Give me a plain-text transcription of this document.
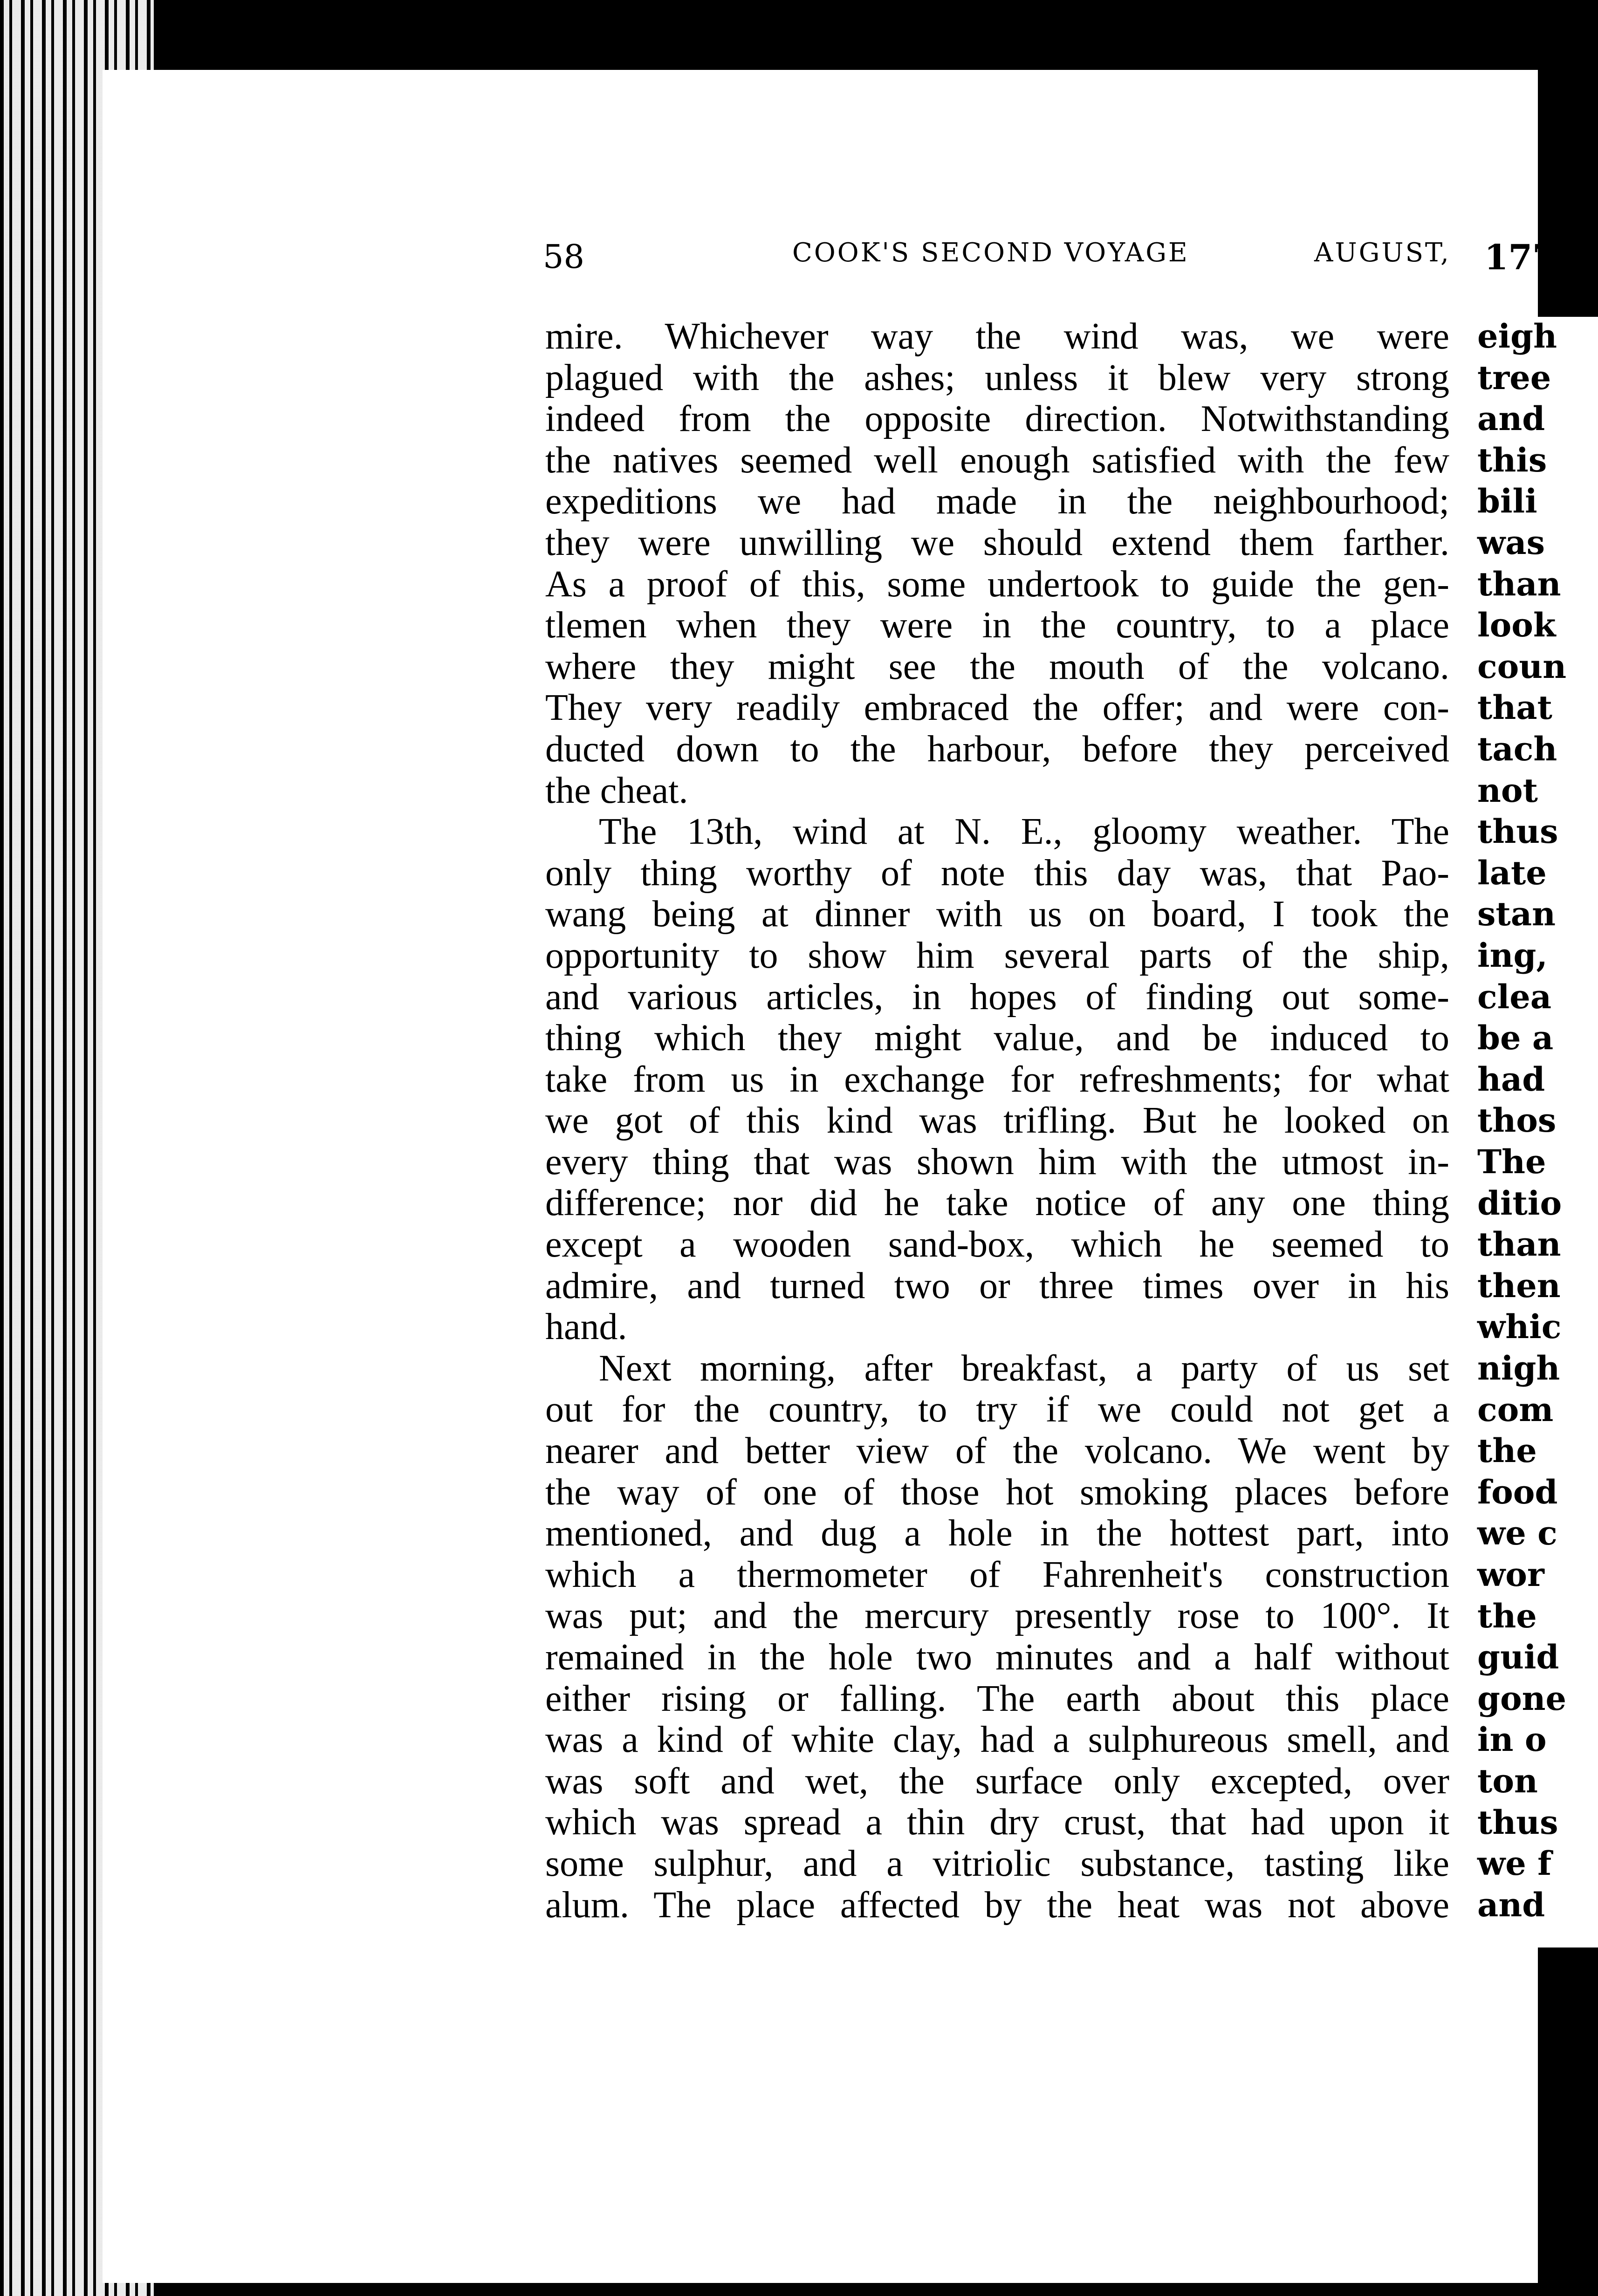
58	COOK'S SECOND VOYAGE	AUGUST, 1774
mire. Whichever way the wind was, we were
plagued with the ashes; unless it blew very strong
indeed from the opposite direction. Notwithstanding
the natives seemed well enough satisfied with the few
expeditions we had made in the neighbourhood;
they were unwilling we should extend them farther.
As a proof of this, some undertook to guide the gen-
tlemen when they were in the country, to a place
where they might see the mouth of the volcano.
They very readily embraced the offer; and were con-
ducted down to the harbour, before they perceived
the cheat.
The 13th, wind at N. E., gloomy weather. The
only thing worthy of note this day was, that Pao-
wang being at dinner with us on board, I took the
opportunity to show him several parts of the ship,
and various articles, in hopes of finding out some-
thing which they might value, and be induced to
take from us in exchange for refreshments; for what
we got of this kind was trifling. But he looked on
every thing that was shown him with the utmost in-
difference; nor did he take notice of any one thing
except a wooden sand-box, which he seemed to
admire, and turned two or three times over in his
hand.
Next morning, after breakfast, a party of us set
out for the country, to try if we could not get a
nearer and better view of the volcano. We went by
the way of one of those hot smoking places before
mentioned, and dug a hole in the hottest part, into
which a thermometer of Fahrenheit's construction
was put; and the mercury presently rose to 100°. It
remained in the hole two minutes and a half without
either rising or falling. The earth about this place
was a kind of white clay, had a sulphureous smell, and
was soft and wet, the surface only excepted, over
which was spread a thin dry crust, that had upon it
some sulphur, and a vitriolic substance, tasting like
alum. The place affected by the heat was not above
eigh
tree
and
this
bili
was
than
look
coun
that
tach
not
thus
late
stan
ing,
clea
be a
had
thos
The
ditio
than
then
whic
nigh
com
the
food
we c
wor
the
guid
gone
in o
ton
thus
we f
and
